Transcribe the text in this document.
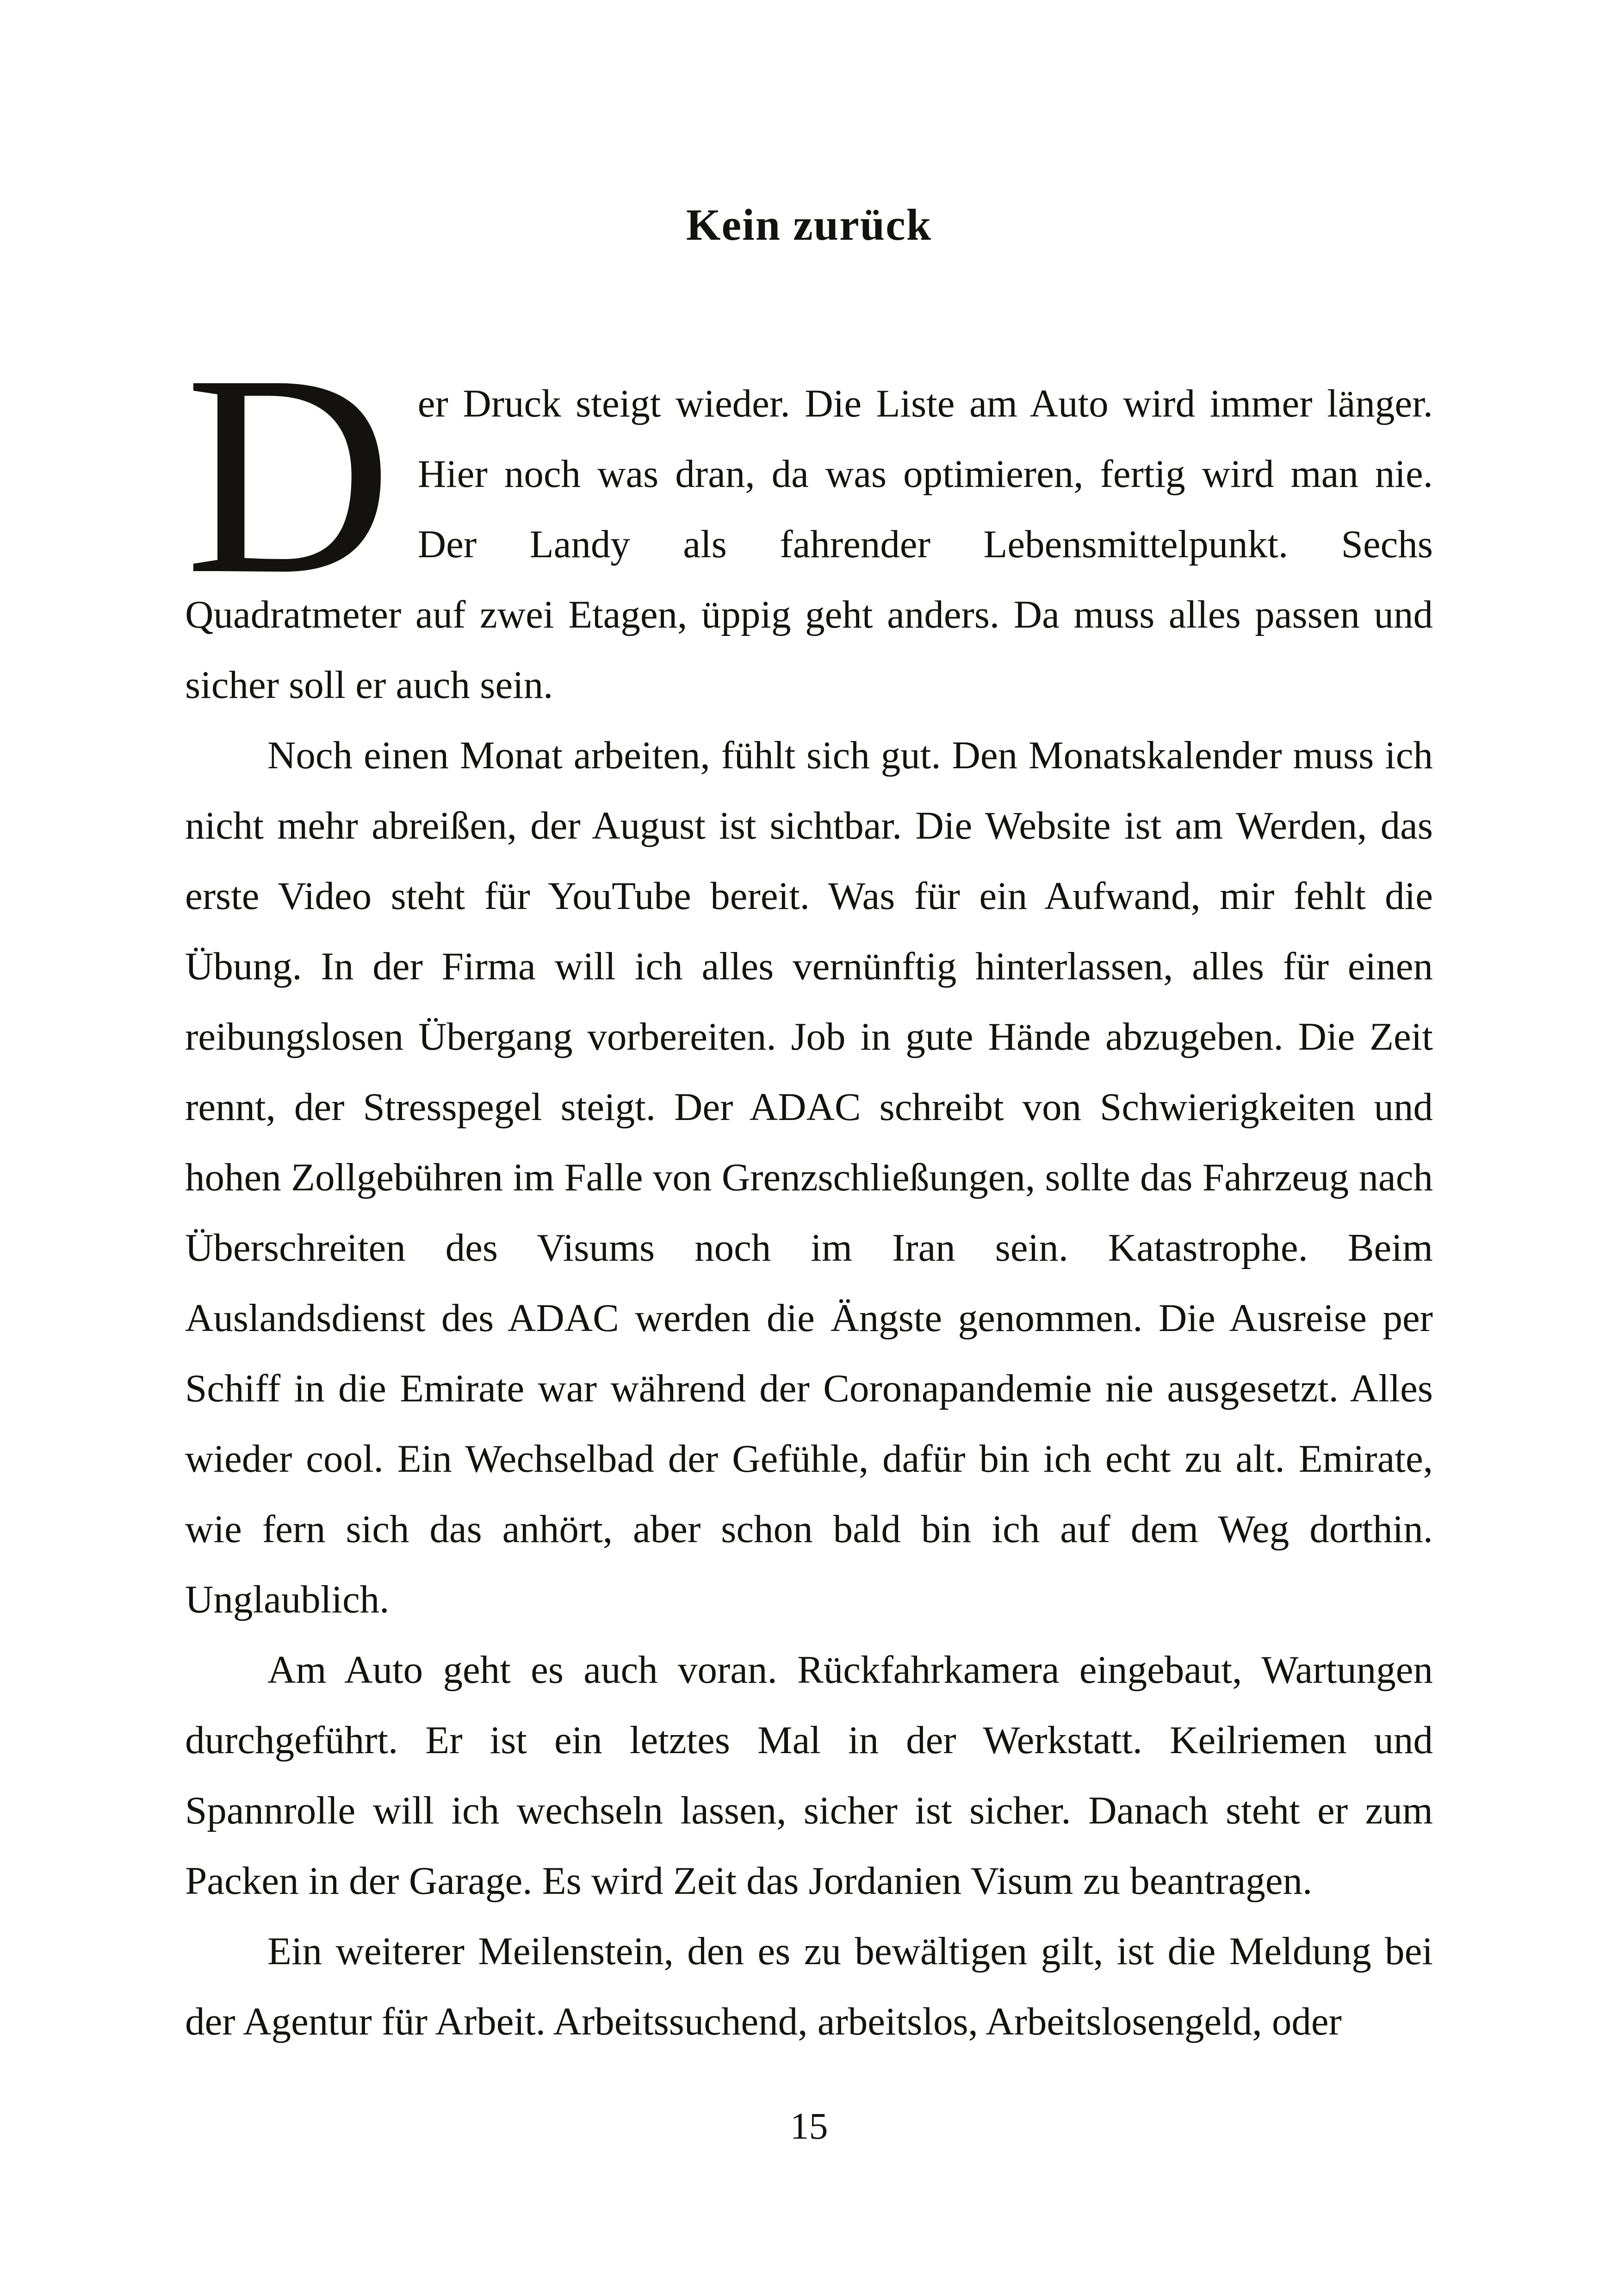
Kein zurück

Der Druck steigt wieder. Die Liste am Auto wird immer länger. Hier noch was dran, da was optimieren, fertig wird man nie. Der Landy als fahrender Lebensmittelpunkt. Sechs Quadratmeter auf zwei Etagen, üppig geht anders. Da muss alles passen und sicher soll er auch sein.

Noch einen Monat arbeiten, fühlt sich gut. Den Monatskalender muss ich nicht mehr abreißen, der August ist sichtbar. Die Website ist am Werden, das erste Video steht für YouTube bereit. Was für ein Aufwand, mir fehlt die Übung. In der Firma will ich alles vernünftig hinterlassen, alles für einen reibungslosen Übergang vorbereiten. Job in gute Hände abzugeben. Die Zeit rennt, der Stresspegel steigt. Der ADAC schreibt von Schwierigkeiten und hohen Zollgebühren im Falle von Grenzschließungen, sollte das Fahrzeug nach Überschreiten des Visums noch im Iran sein. Katastrophe. Beim Auslandsdienst des ADAC werden die Ängste genommen. Die Ausreise per Schiff in die Emirate war während der Coronapandemie nie ausgesetzt. Alles wieder cool. Ein Wechselbad der Gefühle, dafür bin ich echt zu alt. Emirate, wie fern sich das anhört, aber schon bald bin ich auf dem Weg dorthin. Unglaublich.

Am Auto geht es auch voran. Rückfahrkamera eingebaut, Wartungen durchgeführt. Er ist ein letztes Mal in der Werkstatt. Keilriemen und Spannrolle will ich wechseln lassen, sicher ist sicher. Danach steht er zum Packen in der Garage. Es wird Zeit das Jordanien Visum zu beantragen.

Ein weiterer Meilenstein, den es zu bewältigen gilt, ist die Meldung bei der Agentur für Arbeit. Arbeitssuchend, arbeitslos, Arbeitslosengeld, oder

15
